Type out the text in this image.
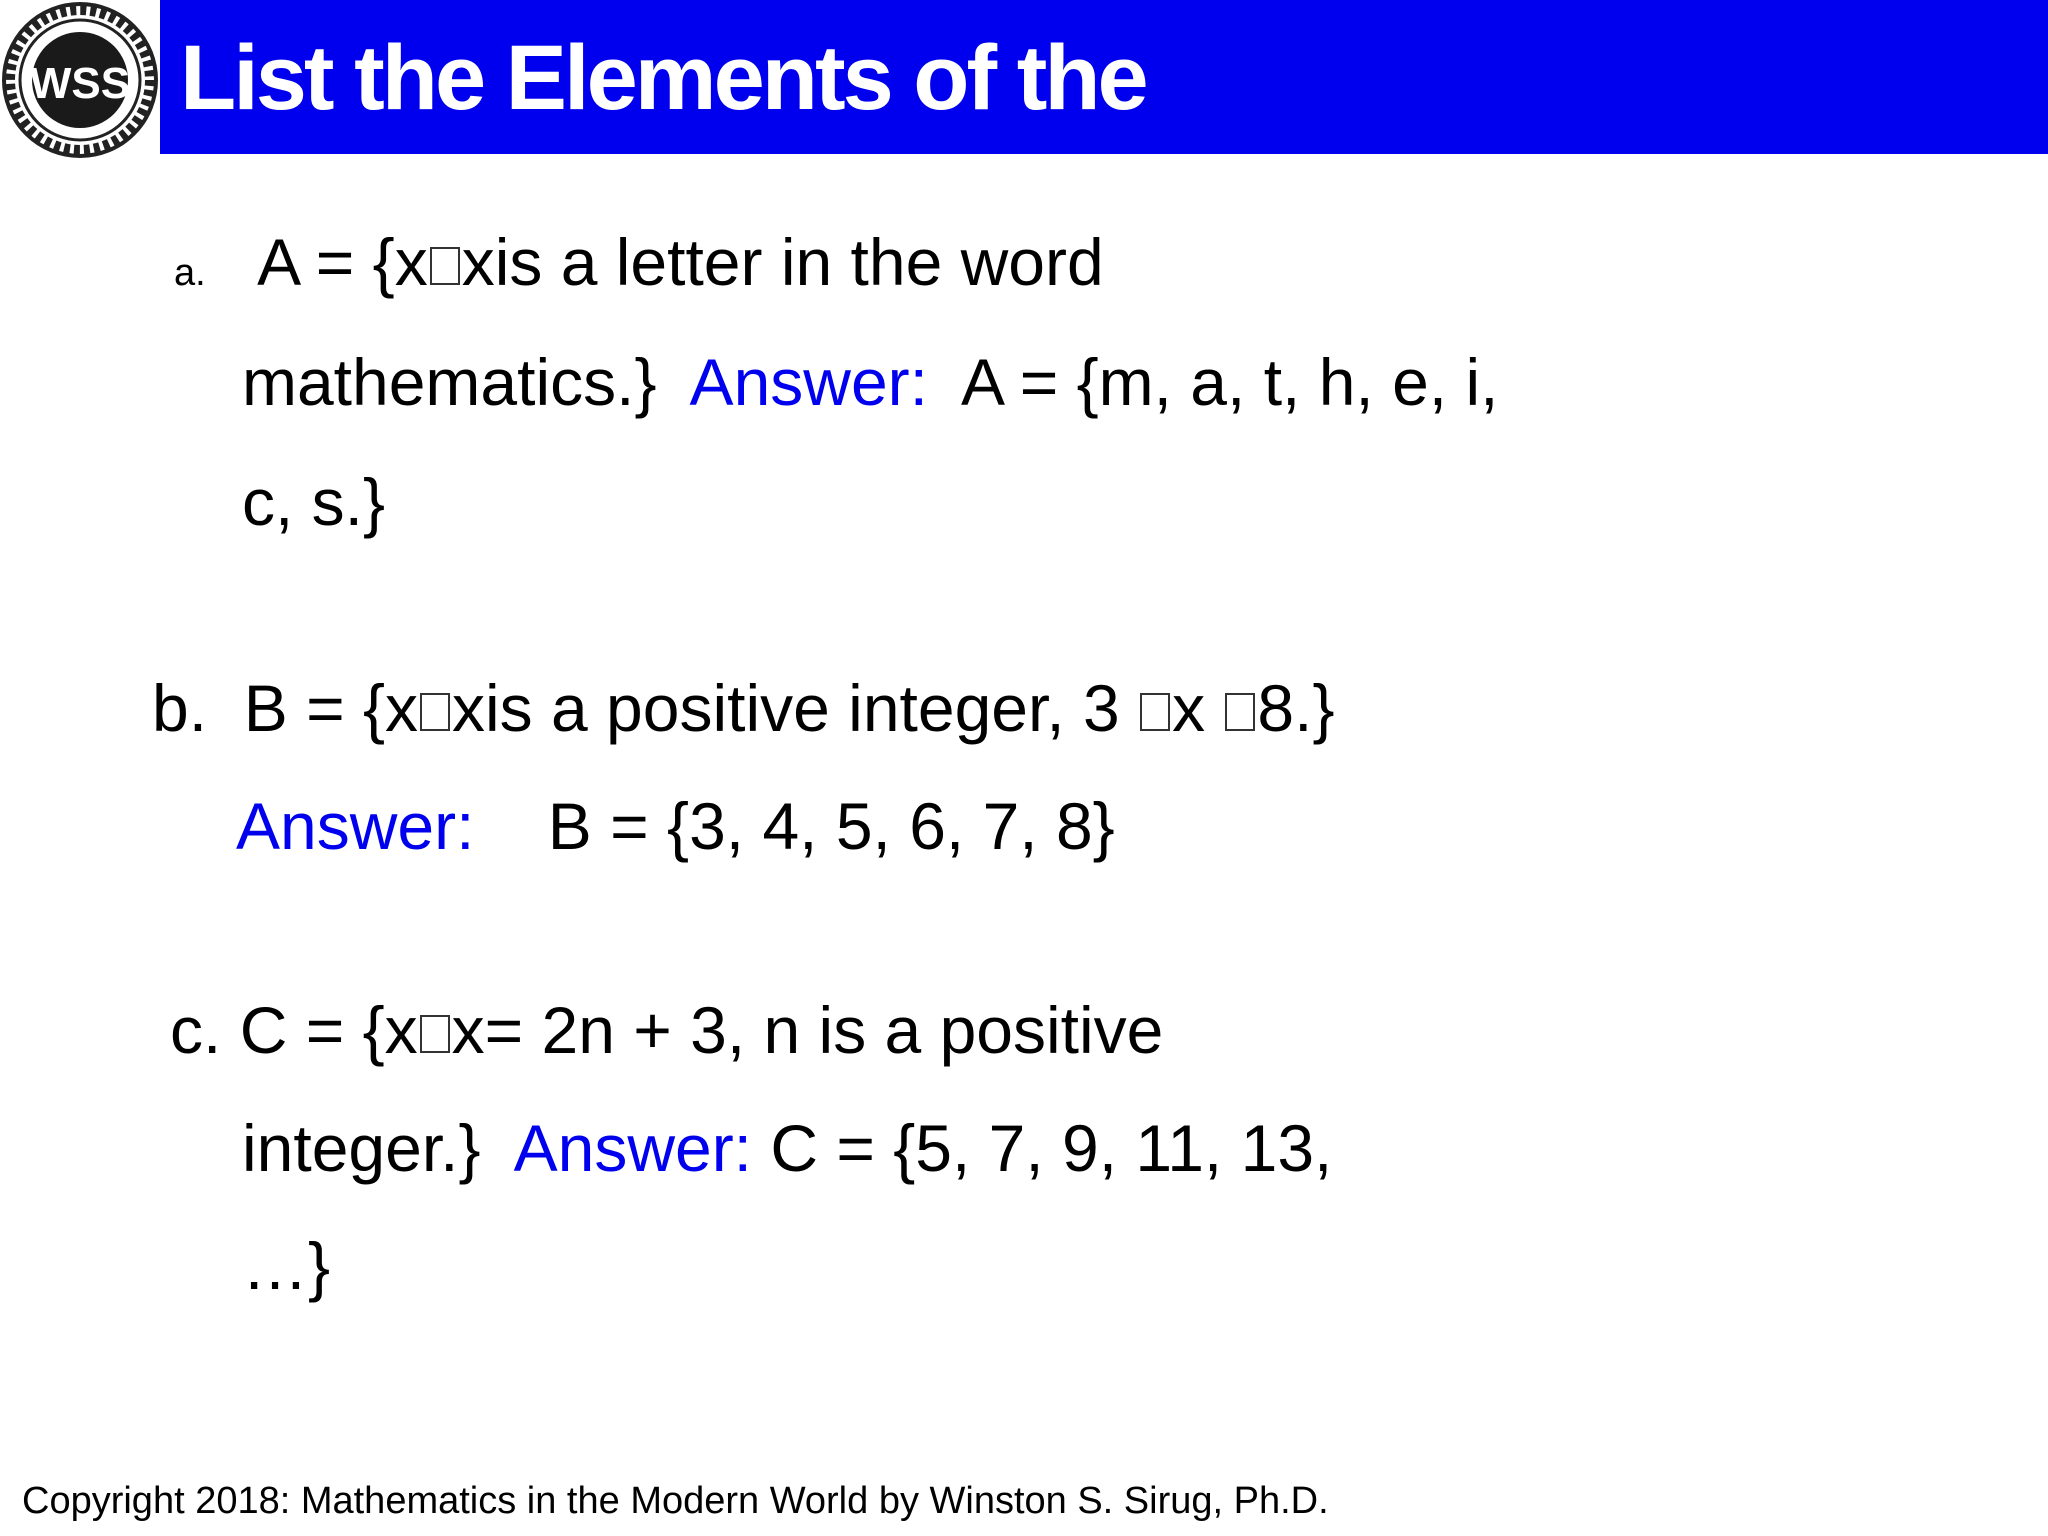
WSS List the Elements of the
a. A = {x xis a letter in the word
mathematics.} Answer: A = {m, a, t, h, e, i,
c, s.}
b. B = {x xis a positive integer, 3 x 8.}
Answer: B = {3, 4, 5, 6, 7, 8}
c. C = {x x= 2n + 3, n is a positive
integer.} Answer: C = {5, 7, 9, 11, 13,
…}
Copyright 2018: Mathematics in the Modern World by Winston S. Sirug, Ph.D.
